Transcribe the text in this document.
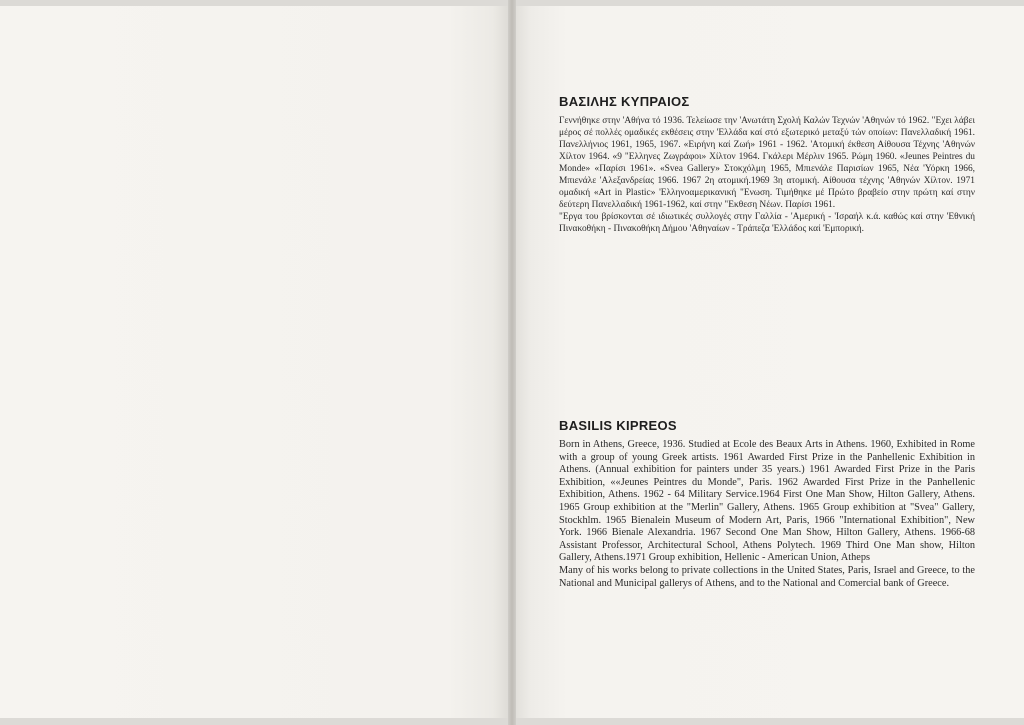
ΒΑΣΙΛΗΣ ΚΥΠΡΑΙΟΣ

Γεννήθηκε στην 'Αθήνα τό 1936. Τελείωσε την 'Ανωτάτη Σχολή Καλών Τεχνών 'Αθηνών τό 1962. "Εχει λάβει μέρος σέ πολλές ομαδικές εκθέσεις στην 'Ελλάδα καί στό εξωτερικό μεταξύ τών οποίων: Πανελλαδική 1961. Πανελλήνιος 1961, 1965, 1967. «Ειρήνη καί Ζωή» 1961 - 1962. 'Ατομική έκθεση Αίθουσα Τέχνης 'Αθηνών Χίλτον 1964. «9 "Ελληνες Ζωγράφοι» Χίλτον 1964. Γκάλερι Μέρλιν 1965. Ρώμη 1960. «Jeunes Peintres du Monde» «Παρίσι 1961». «Svea Gallery» Στοκχόλμη 1965, Μπιενάλε Παρισίων 1965, Νέα 'Υόρκη 1966, Μπιενάλε 'Αλεξανδρείας 1966. 1967 2η ατομική.1969 3η ατομική. Αίθουσα τέχνης 'Αθηνών Χίλτον. 1971 ομαδική «Art in Plastic» 'Ελληνοαμερικανική "Ενωση. Τιμήθηκε μέ Πρώτο βραβείο στην πρώτη καί στην δεύτερη Πανελλαδική 1961-1962, καί στην "Εκθεση Νέων. Παρίσι 1961.

"Εργα του βρίσκονται σέ ιδιωτικές συλλογές στην Γαλλία - 'Αμερική - 'Ισραήλ κ.ά. καθώς καί στην 'Εθνική Πινακοθήκη - Πινακοθήκη Δήμου 'Αθηναίων - Τράπεζα 'Ελλάδος καί 'Εμπορική.

BASILIS KIPREOS

Born in Athens, Greece, 1936. Studied at Ecole des Beaux Arts in Athens. 1960, Exhibited in Rome with a group of young Greek artists. 1961 Awarded First Prize in the Panhellenic Exhibition in Athens. (Annual exhibition for painters under 35 years.) 1961 Awarded First Prize in the Paris Exhibition, ««Jeunes Peintres du Monde", Paris. 1962 Awarded First Prize in the Panhellenic Exhibition, Athens. 1962 - 64 Military Service.1964 First One Man Show, Hilton Gallery, Athens. 1965 Group exhibition at the "Merlin" Gallery, Athens. 1965 Group exhibition at "Svea" Gallery, Stockhlm. 1965 Bienalein Museum of Modern Art, Paris, 1966 "International Exhibition", New York. 1966 Bienale Alexandria. 1967 Second One Man Show, Hilton Gallery, Athens. 1966-68 Assistant Professor, Architectural School, Athens Polytech. 1969 Third One Man show, Hilton Gallery, Athens.1971 Group exhibition, Hellenic - American Union, Atheps

Many of his works belong to private collections in the United States, Paris, Israel and Greece, to the National and Municipal gallerys of Athens, and to the National and Comercial bank of Greece.
